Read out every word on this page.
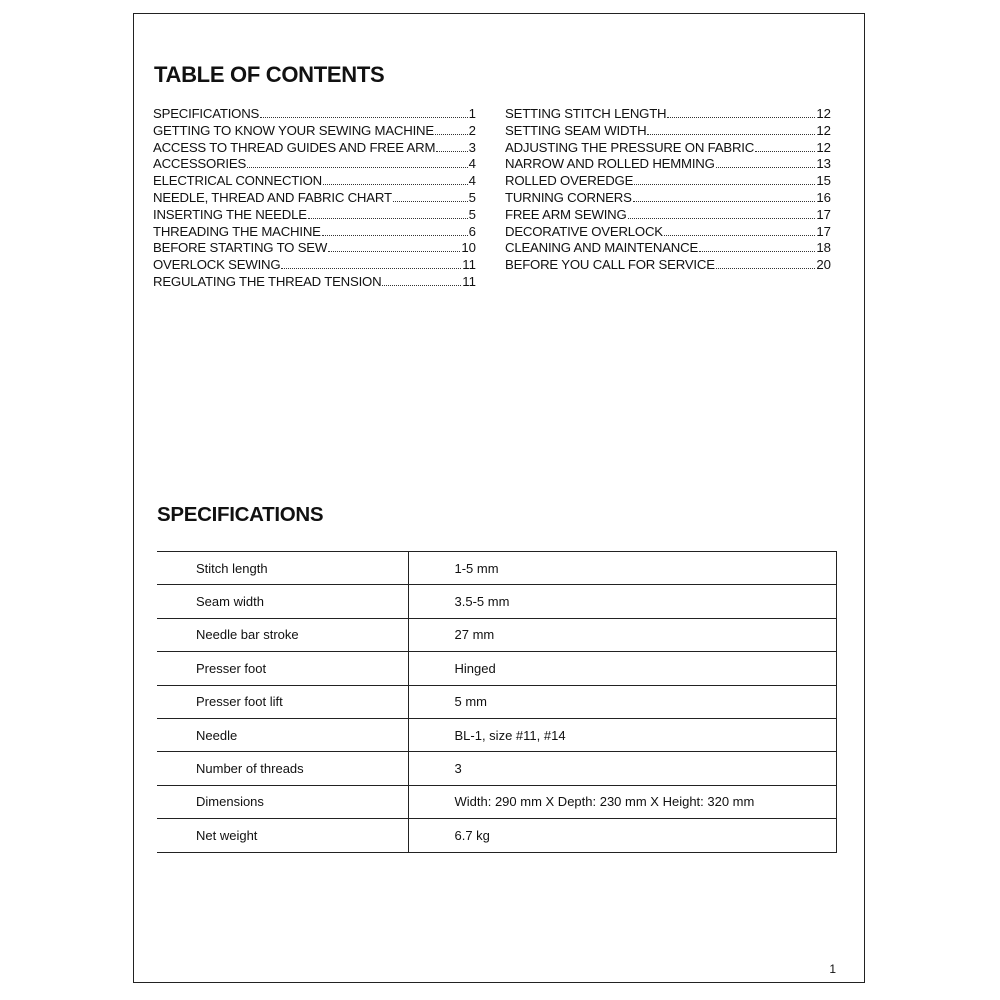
TABLE OF CONTENTS
SPECIFICATIONS	1
GETTING TO KNOW YOUR SEWING MACHINE	2
ACCESS TO THREAD GUIDES AND FREE ARM	3
ACCESSORIES	4
ELECTRICAL CONNECTION	4
NEEDLE, THREAD AND FABRIC CHART	5
INSERTING THE NEEDLE	5
THREADING THE MACHINE	6
BEFORE STARTING TO SEW	10
OVERLOCK SEWING	11
REGULATING THE THREAD TENSION	11
SETTING STITCH LENGTH	12
SETTING SEAM WIDTH	12
ADJUSTING THE PRESSURE ON FABRIC	12
NARROW AND ROLLED HEMMING	13
ROLLED OVEREDGE	15
TURNING CORNERS	16
FREE ARM SEWING	17
DECORATIVE OVERLOCK	17
CLEANING AND MAINTENANCE	18
BEFORE YOU CALL FOR SERVICE	20
SPECIFICATIONS
Stitch length	1-5 mm
Seam width	3.5-5 mm
Needle bar stroke	27 mm
Presser foot	Hinged
Presser foot lift	5 mm
Needle	BL-1, size #11, #14
Number of threads	3
Dimensions	Width: 290 mm X Depth: 230 mm X Height: 320 mm
Net weight	6.7 kg
1
